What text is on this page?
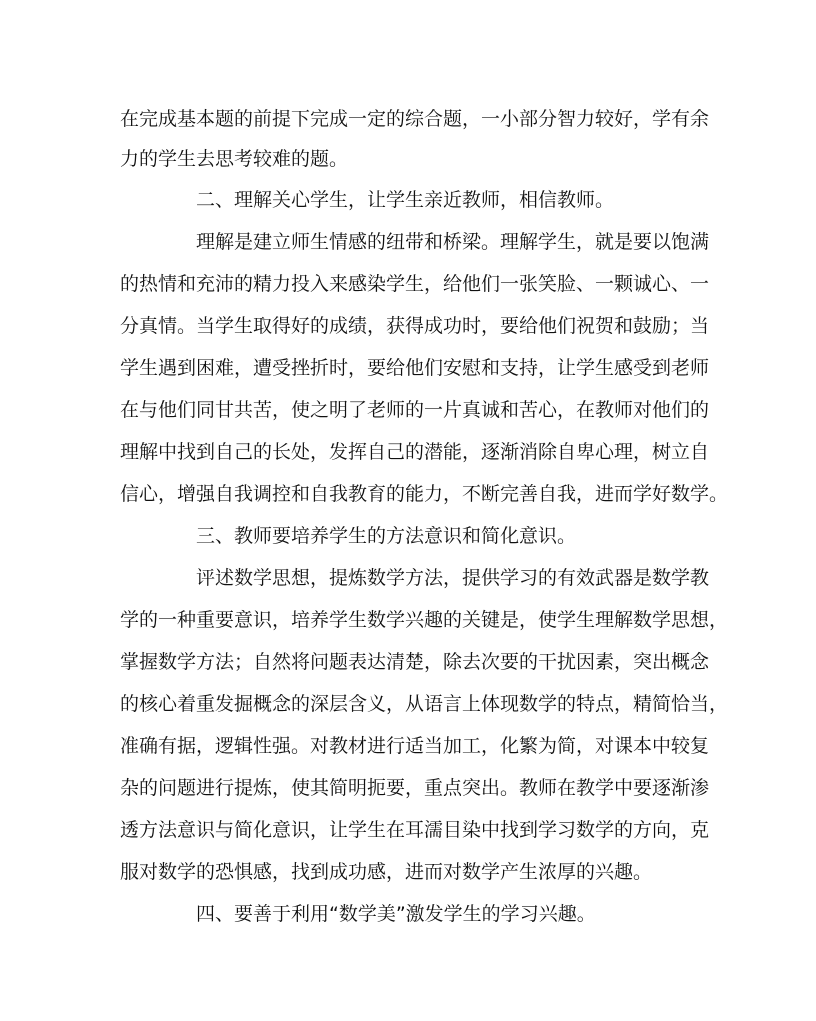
在完成基本题的前提下完成一定的综合题，一小部分智力较好，学有余
力的学生去思考较难的题。
二、理解关心学生，让学生亲近教师，相信教师。
理解是建立师生情感的纽带和桥梁。理解学生，就是要以饱满
的热情和充沛的精力投入来感染学生，给他们一张笑脸、一颗诚心、一
分真情。当学生取得好的成绩，获得成功时，要给他们祝贺和鼓励；当
学生遇到困难，遭受挫折时，要给他们安慰和支持，让学生感受到老师
在与他们同甘共苦，使之明了老师的一片真诚和苦心，在教师对他们的
理解中找到自己的长处，发挥自己的潜能，逐渐消除自卑心理，树立自
信心，增强自我调控和自我教育的能力，不断完善自我，进而学好数学。
三、教师要培养学生的方法意识和简化意识。
评述数学思想，提炼数学方法，提供学习的有效武器是数学教
学的一种重要意识，培养学生数学兴趣的关键是，使学生理解数学思想，
掌握数学方法；自然将问题表达清楚，除去次要的干扰因素，突出概念
的核心着重发掘概念的深层含义，从语言上体现数学的特点，精简恰当，
准确有据，逻辑性强。对教材进行适当加工，化繁为简，对课本中较复
杂的问题进行提炼，使其简明扼要，重点突出。教师在教学中要逐渐渗
透方法意识与简化意识，让学生在耳濡目染中找到学习数学的方向，克
服对数学的恐惧感，找到成功感，进而对数学产生浓厚的兴趣。
四、要善于利用“数学美”激发学生的学习兴趣。
